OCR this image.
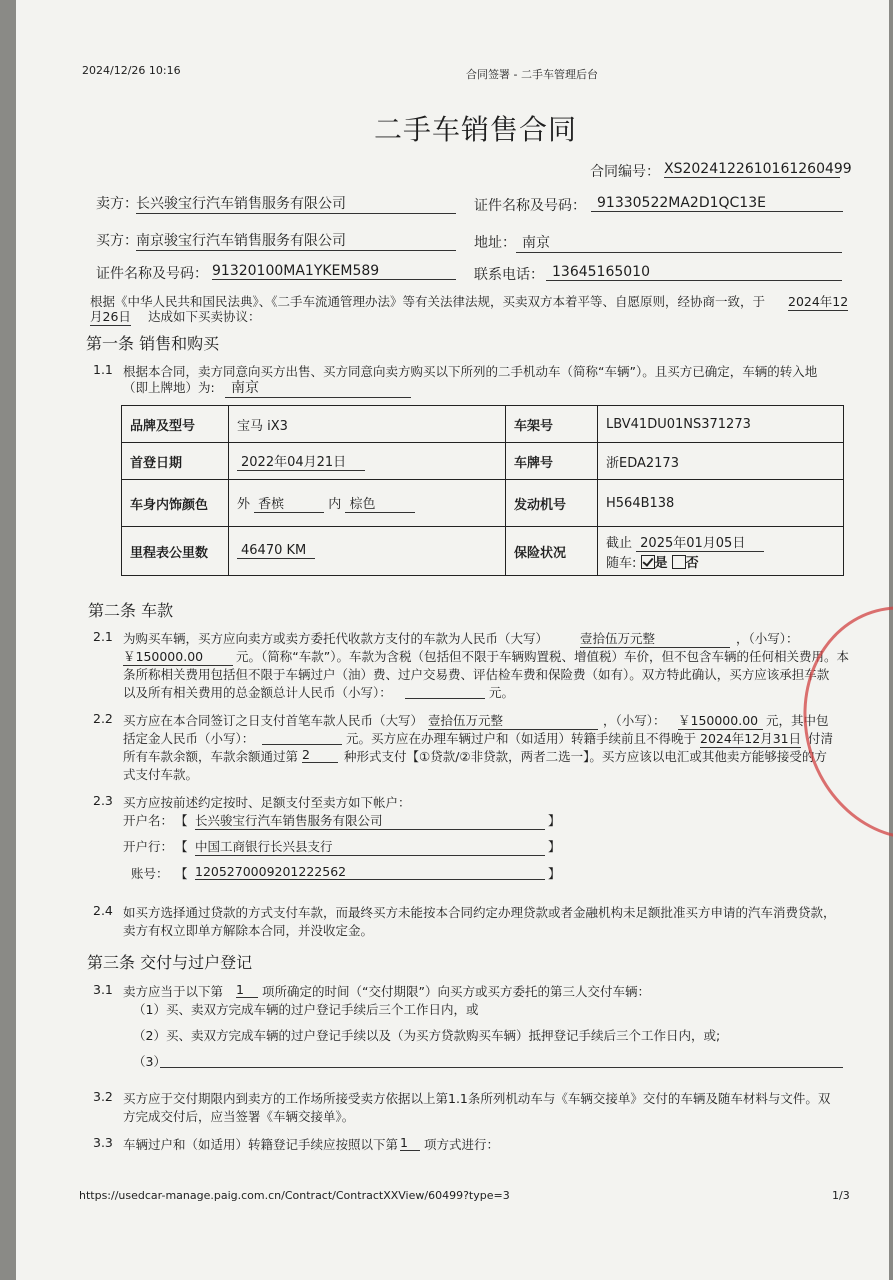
2024/12/26 10:16	合同签署 - 二手车管理后台
二手车销售合同
合同编号： XS2024122610161260499
卖方：
长兴骏宝行汽车销售服务有限公司	证件名称及号码： 91330522MA2D1QC13E
买方：
南京骏宝行汽车销售服务有限公司	地址： 南京
证件名称及号码： 91320100MA1YKEM589	联系电话： 13645165010
根据《中华人民共和国民法典》、《二手车流通管理办法》等有关法律法规，买卖双方本着平等、自愿原则，经协商一致，于	2024年12
月26日 达成如下买卖协议：
第一条 销售和购买
1.1 根据本合同，卖方同意向买方出售、买方同意向卖方购买以下所列的二手机动车（简称“车辆”）。且买方已确定，车辆的转入地
（即上牌地）为:	南京
品牌及型号	宝马 iX3	车架号	LBV41DU01NS371273
首登日期	2022年04月21日	车牌号	浙EDA2173
车身内饰颜色	外 香槟 内 棕色	发动机号	H564B138
里程表公里数	46470 KM	保险状况	截止 2025年01月05日
随车: 是 否
第二条 车款
2.1 为购买车辆，买方应向卖方或卖方委托代收款方支付的车款为人民币（大写）	壹拾伍万元整	，（小写）：
￥150000.00	元。（简称“车款”）。车款为含税（包括但不限于车辆购置税、增值税）车价，但不包含车辆的任何相关费用。本
条所称相关费用包括但不限于车辆过户（油）费、过户交易费、评估检车费和保险费（如有）。双方特此确认，买方应该承担车款
以及所有相关费用的总金额总计人民币（小写）：	元。
2.2 买方应在本合同签订之日支付首笔车款人民币（大写） 壹拾伍万元整	，（小写）： ￥150000.00 元，其中包
括定金人民币（小写）：	元。买方应在办理车辆过户和（如适用）转籍手续前且不得晚于 2024年12月31日 付清
所有车款余额，车款余额通过第 2	种形式支付【①贷款/②非贷款，两者二选一】。买方应该以电汇或其他卖方能够接受的方
式支付车款。
2.3 买方应按前述约定按时、足额支付至卖方如下帐户：
开户名： 【 长兴骏宝行汽车销售服务有限公司	】
开户行： 【 中国工商银行长兴县支行	】
账号： 【 1205270009201222562	】
2.4 如买方选择通过贷款的方式支付车款，而最终买方未能按本合同约定办理贷款或者金融机构未足额批准买方申请的汽车消费贷款，
卖方有权立即单方解除本合同，并没收定金。
第三条 交付与过户登记
3.1 卖方应当于以下第 1	项所确定的时间（“交付期限”）向买方或买方委托的第三人交付车辆：
（1）买、卖双方完成车辆的过户登记手续后三个工作日内，或
（2）买、卖双方完成车辆的过户登记手续以及（为买方贷款购买车辆）抵押登记手续后三个工作日内，或;
（3）
3.2 买方应于交付期限内到卖方的工作场所接受卖方依据以上第1.1条所列机动车与《车辆交接单》交付的车辆及随车材料与文件。双
方完成交付后，应当签署《车辆交接单》。
3.3 车辆过户和（如适用）转籍登记手续应按照以下第 1	项方式进行：
https://usedcar-manage.paig.com.cn/Contract/ContractXXView/60499?type=3	1/3
